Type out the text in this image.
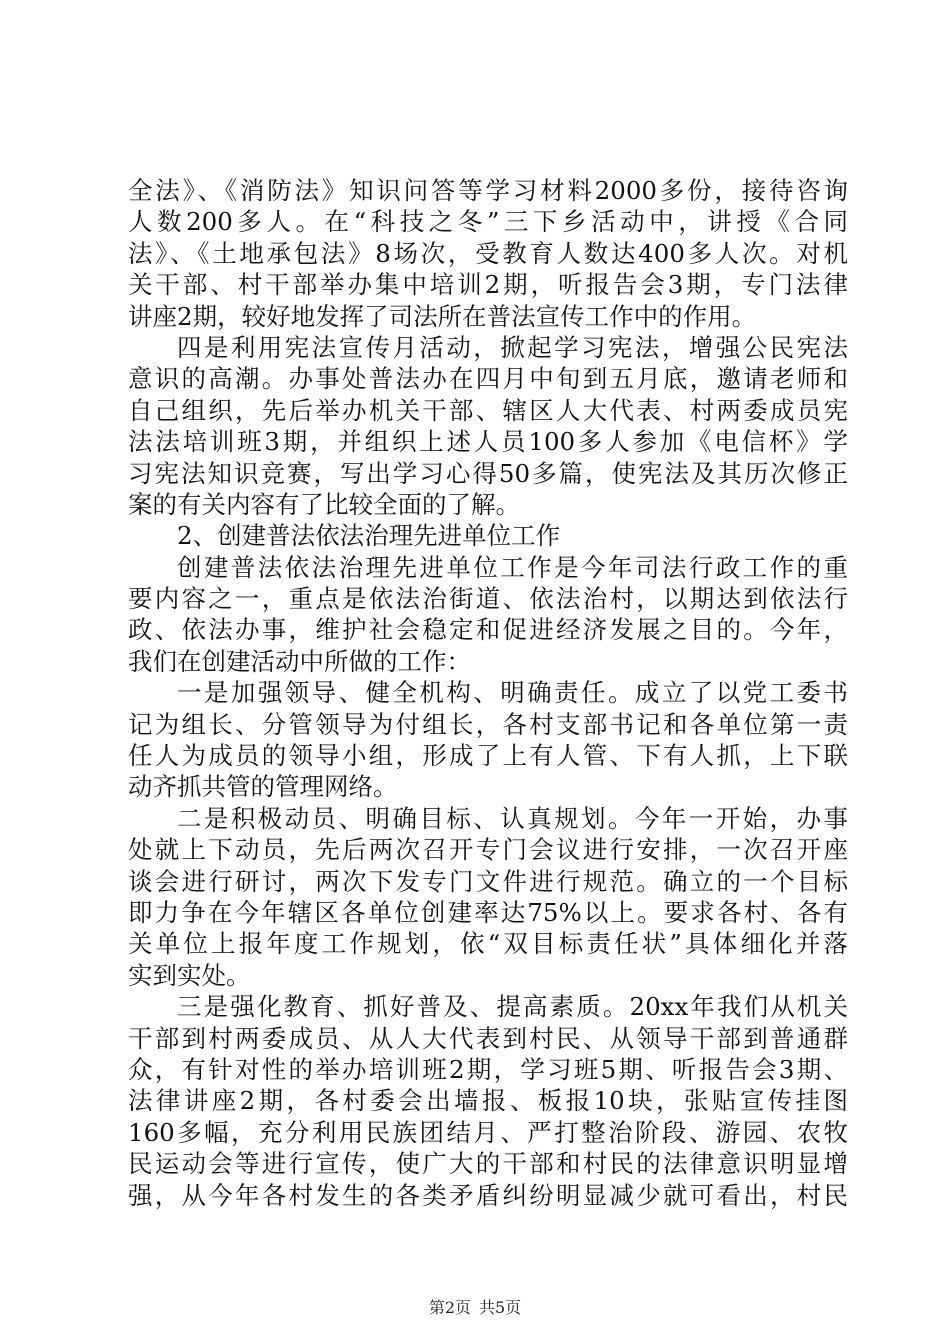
全法》、《消防法》知识问答等学习材料2000多份，接待咨询
人数200多人。在“科技之冬”三下乡活动中，讲授《合同
法》、《土地承包法》8场次，受教育人数达400多人次。对机
关干部、村干部举办集中培训2期，听报告会3期，专门法律
讲座2期，较好地发挥了司法所在普法宣传工作中的作用。
四是利用宪法宣传月活动，掀起学习宪法，增强公民宪法
意识的高潮。办事处普法办在四月中旬到五月底，邀请老师和
自己组织，先后举办机关干部、辖区人大代表、村两委成员宪
法法培训班3期，并组织上述人员100多人参加《电信杯》学
习宪法知识竞赛，写出学习心得50多篇，使宪法及其历次修正
案的有关内容有了比较全面的了解。
2、创建普法依法治理先进单位工作
创建普法依法治理先进单位工作是今年司法行政工作的重
要内容之一，重点是依法治街道、依法治村，以期达到依法行
政、依法办事，维护社会稳定和促进经济发展之目的。今年，
我们在创建活动中所做的工作：
一是加强领导、健全机构、明确责任。成立了以党工委书
记为组长、分管领导为付组长，各村支部书记和各单位第一责
任人为成员的领导小组，形成了上有人管、下有人抓，上下联
动齐抓共管的管理网络。
二是积极动员、明确目标、认真规划。今年一开始，办事
处就上下动员，先后两次召开专门会议进行安排，一次召开座
谈会进行研讨，两次下发专门文件进行规范。确立的一个目标
即力争在今年辖区各单位创建率达75%以上。要求各村、各有
关单位上报年度工作规划，依“双目标责任状”具体细化并落
实到实处。
三是强化教育、抓好普及、提高素质。20xx年我们从机关
干部到村两委成员、从人大代表到村民、从领导干部到普通群
众，有针对性的举办培训班2期，学习班5期、听报告会3期、
法律讲座2期，各村委会出墙报、板报10块，张贴宣传挂图
160多幅，充分利用民族团结月、严打整治阶段、游园、农牧
民运动会等进行宣传，使广大的干部和村民的法律意识明显增
强，从今年各村发生的各类矛盾纠纷明显减少就可看出，村民
第2页 共5页
